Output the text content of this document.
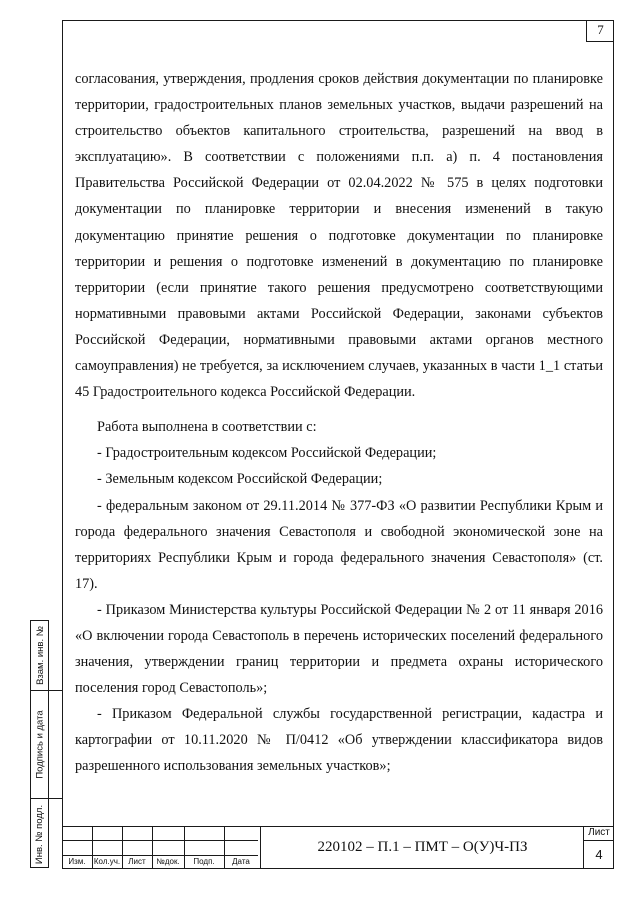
7

согласования, утверждения, продления сроков действия документации по планировке территории, градостроительных планов земельных участков, выдачи разрешений на строительство объектов капитального строительства, разрешений на ввод в эксплуатацию». В соответствии с положениями п.п. а) п. 4 постановления Правительства Российской Федерации от 02.04.2022 № 575 в целях подготовки документации по планировке территории и внесения изменений в такую документацию принятие решения о подготовке документации по планировке территории и решения о подготовке изменений в документацию по планировке территории (если принятие такого решения предусмотрено соответствующими нормативными правовыми актами Российской Федерации, законами субъектов Российской Федерации, нормативными правовыми актами органов местного самоуправления) не требуется, за исключением случаев, указанных в части 1_1 статьи 45 Градостроительного кодекса Российской Федерации.

Работа выполнена в соответствии с:

- Градостроительным кодексом Российской Федерации;

- Земельным кодексом Российской Федерации;

- федеральным законом от 29.11.2014 № 377-ФЗ «О развитии Республики Крым и города федерального значения Севастополя и свободной экономической зоне на территориях Республики Крым и города федерального значения Севастополя» (ст. 17).

- Приказом Министерства культуры Российской Федерации № 2 от 11 января 2016 «О включении города Севастополь в перечень исторических поселений федерального значения, утверждении границ территории и предмета охраны исторического поселения город Севастополь»;

- Приказом Федеральной службы государственной регистрации, кадастра и картографии от 10.11.2020 № П/0412 «Об утверждении классификатора видов разрешенного использования земельных участков»;

Взам. инв. №
Подпись и дата
Инв. № подл.	Изм.	Кол.уч.	Лист	№док.	Подп.	Дата
220102 – П.1 – ПМТ – О(У)Ч-ПЗ
Лист
4
